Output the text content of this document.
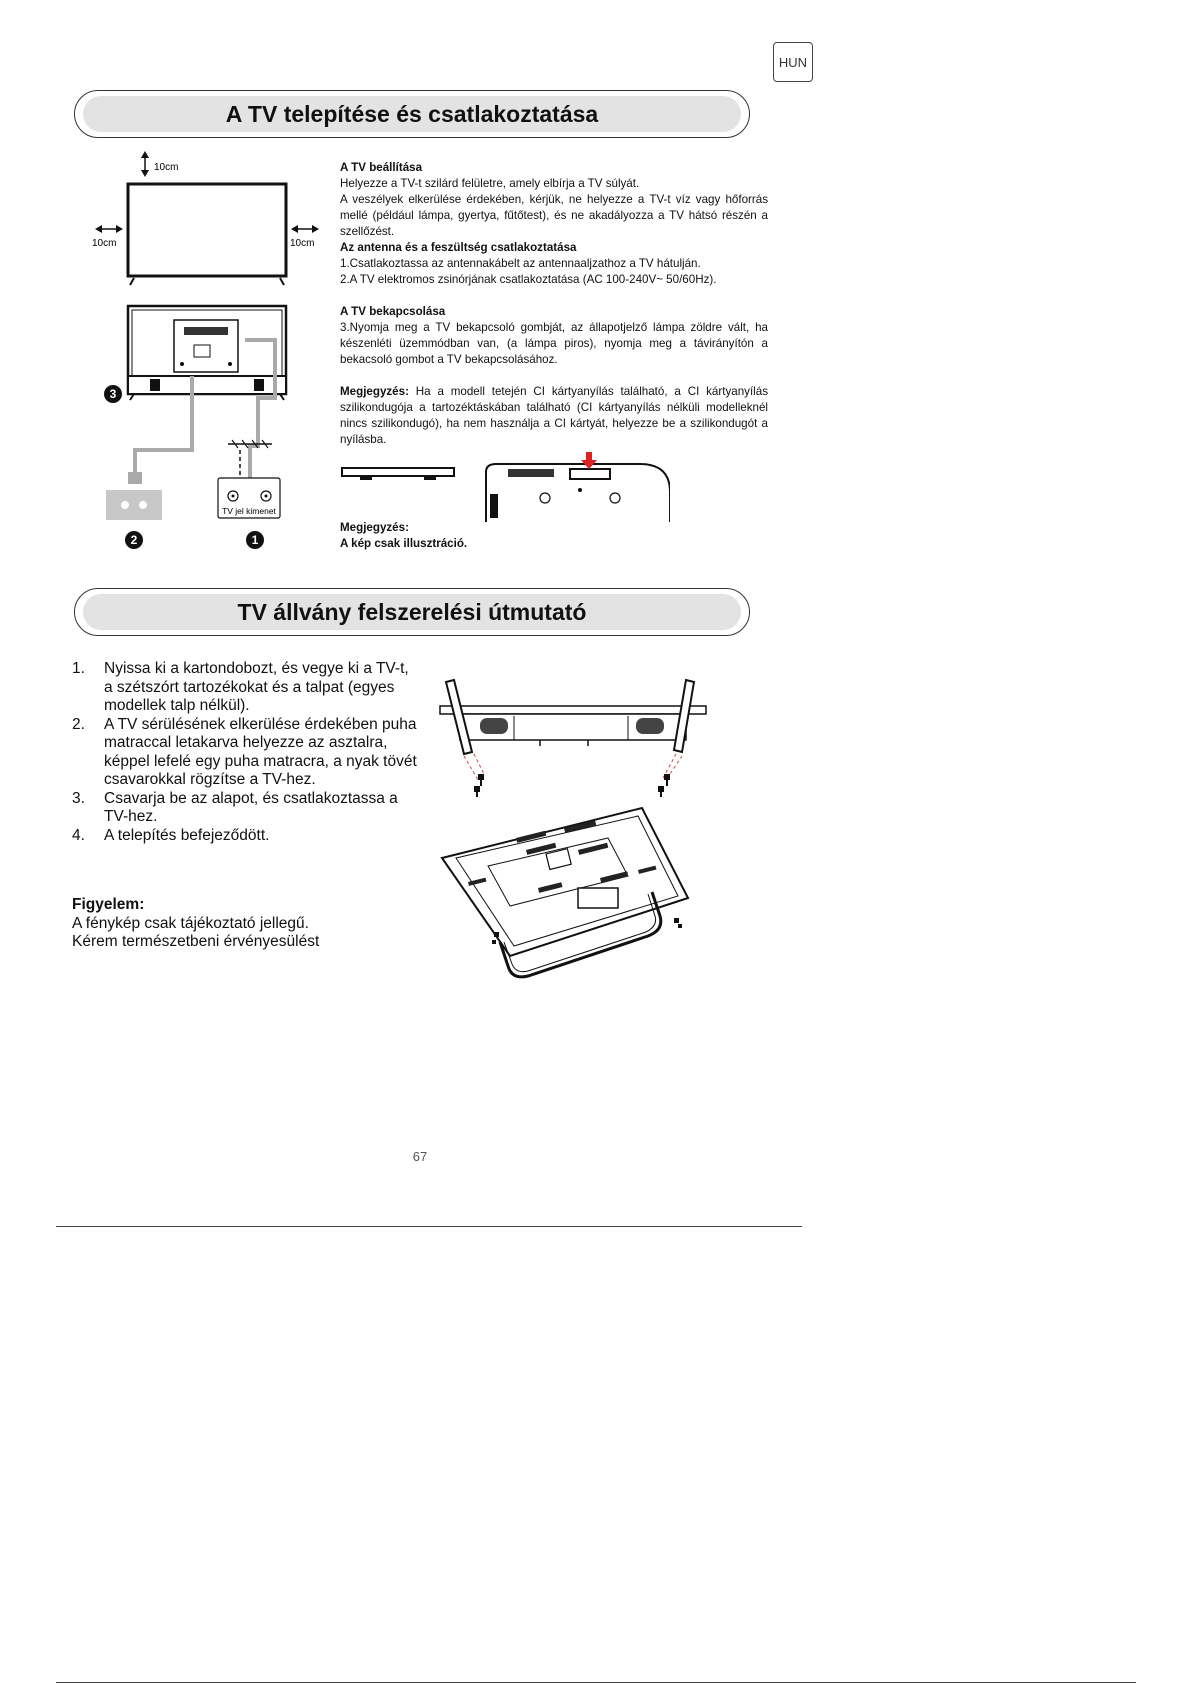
HUN
A TV telepítése és csatlakoztatása
10cm
10cm	10cm
TV jel kimenet
3
2	1

A TV beállítása

Helyezze a TV-t szilárd felületre, amely elbírja a TV súlyát.

A veszélyek elkerülése érdekében, kérjük, ne helyezze a TV-t víz vagy hőforrás mellé (például lámpa, gyertya, fűtőtest), és ne akadályozza a TV hátsó részén a szellőzést.

Az antenna és a feszültség csatlakoztatása

1.Csatlakoztassa az antennakábelt az antennaaljzathoz a TV hátulján.

2.A TV elektromos zsinórjának csatlakoztatása (AC 100-240V~ 50/60Hz).

A TV bekapcsolása

3.Nyomja meg a TV bekapcsoló gombját, az állapotjelző lámpa zöldre vált, ha készenléti üzemmódban van, (a lámpa piros), nyomja meg a távirányítón a bekacsoló gombot a TV bekapcsolásához.

Megjegyzés: Ha a modell tetején CI kártyanyílás található, a CI kártyanyílás szilikondugója a tartozéktáskában található (CI kártyanyílás nélküli modelleknél nincs szilikondugó), ha nem használja a CI kártyát, helyezze be a szilikondugót a nyílásba.

Megjegyzés:

A kép csak illusztráció.

TV állvány felszerelési útmutató
1. Nyissa ki a kartondobozt, és vegye ki a TV-t, a szétszórt tartozékokat és a talpat (egyes modellek talp nélkül).
2. A TV sérülésének elkerülése érdekében puha matraccal letakarva helyezze az asztalra, képpel lefelé egy puha matracra, a nyak tövét csavarokkal rögzítse a TV-hez.
3. Csavarja be az alapot, és csatlakoztassa a TV-hez.
4. A telepítés befejeződött.
Figyelem:
A fénykép csak tájékoztató jellegű.
Kérem természetbeni érvényesülést
67
